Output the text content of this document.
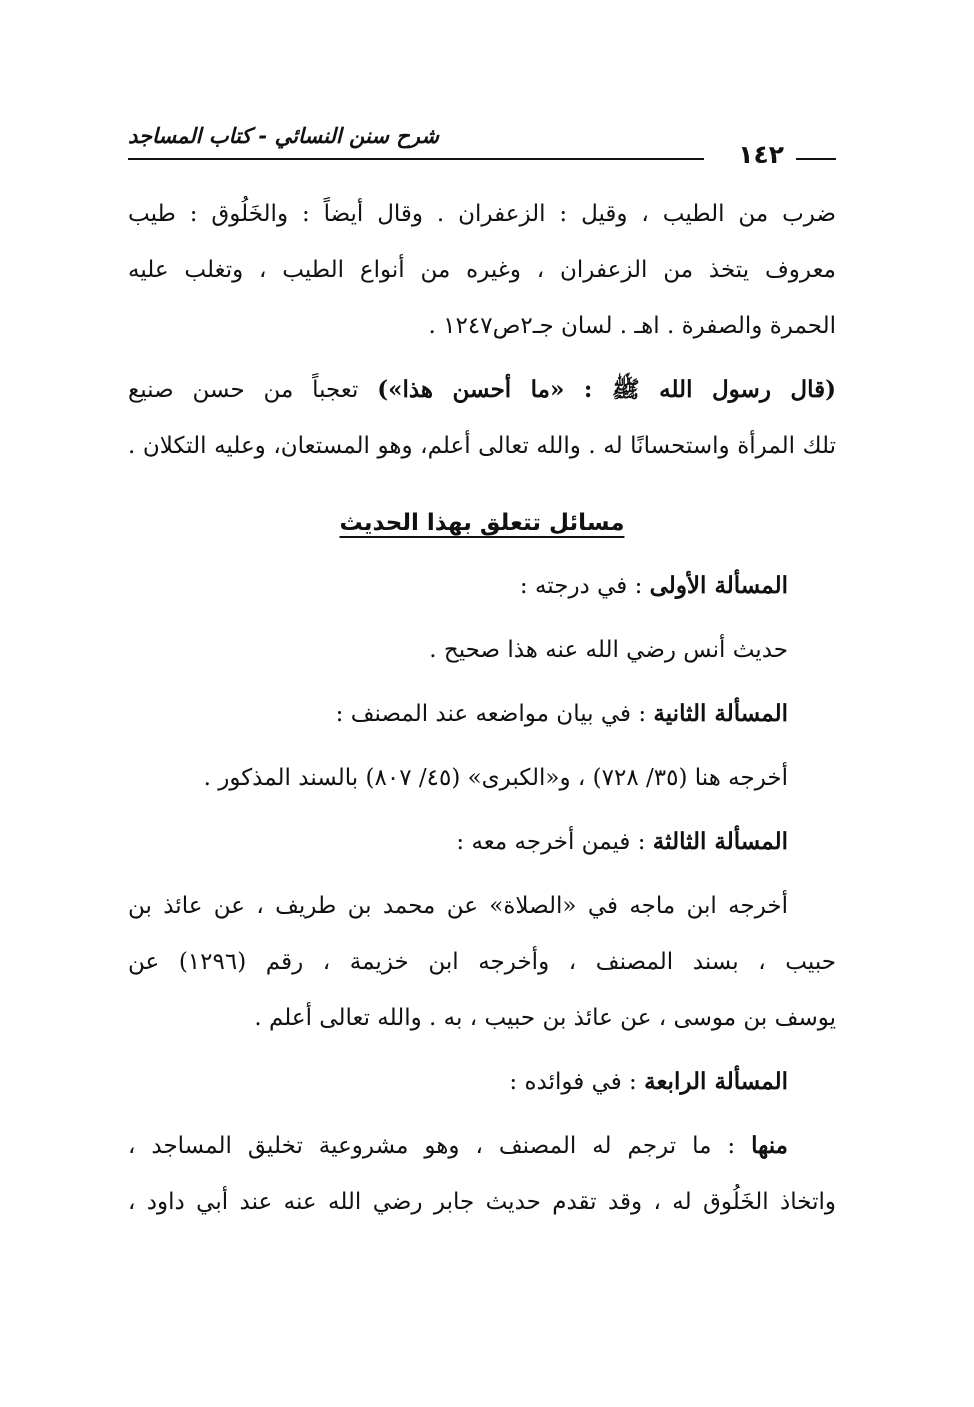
شرح سنن النسائي - كتاب المساجد
١٤٢
ضرب من الطيب ، وقيل : الزعفران . وقال أيضاً : والخَلُوق : طيب
معروف يتخذ من الزعفران ، وغيره من أنواع الطيب ، وتغلب عليه
الحمرة والصفرة . اهـ . لسان جـ٢ص١٢٤٧ .
(قال رسول الله ﷺ : «ما أحسن هذا») تعجباً من حسن صنيع
تلك المرأة واستحسانًا له . والله تعالى أعلم، وهو المستعان، وعليه التكلان .
مسائل تتعلق بهذا الحديث
المسألة الأولى : في درجته :
حديث أنس رضي الله عنه هذا صحيح .
المسألة الثانية : في بيان مواضعه عند المصنف :
أخرجه هنا (٣٥/ ٧٢٨) ، و«الكبرى» (٤٥/ ٨٠٧) بالسند المذكور .
المسألة الثالثة : فيمن أخرجه معه :
أخرجه ابن ماجه في «الصلاة» عن محمد بن طريف ، عن عائذ بن
حبيب ، بسند المصنف ، وأخرجه ابن خزيمة ، رقم (١٢٩٦) عن
يوسف بن موسى ، عن عائذ بن حبيب ، به . والله تعالى أعلم .
المسألة الرابعة : في فوائده :
منها : ما ترجم له المصنف ، وهو مشروعية تخليق المساجد ،
واتخاذ الخَلُوق له ، وقد تقدم حديث جابر رضي الله عنه عند أبي داود ،
